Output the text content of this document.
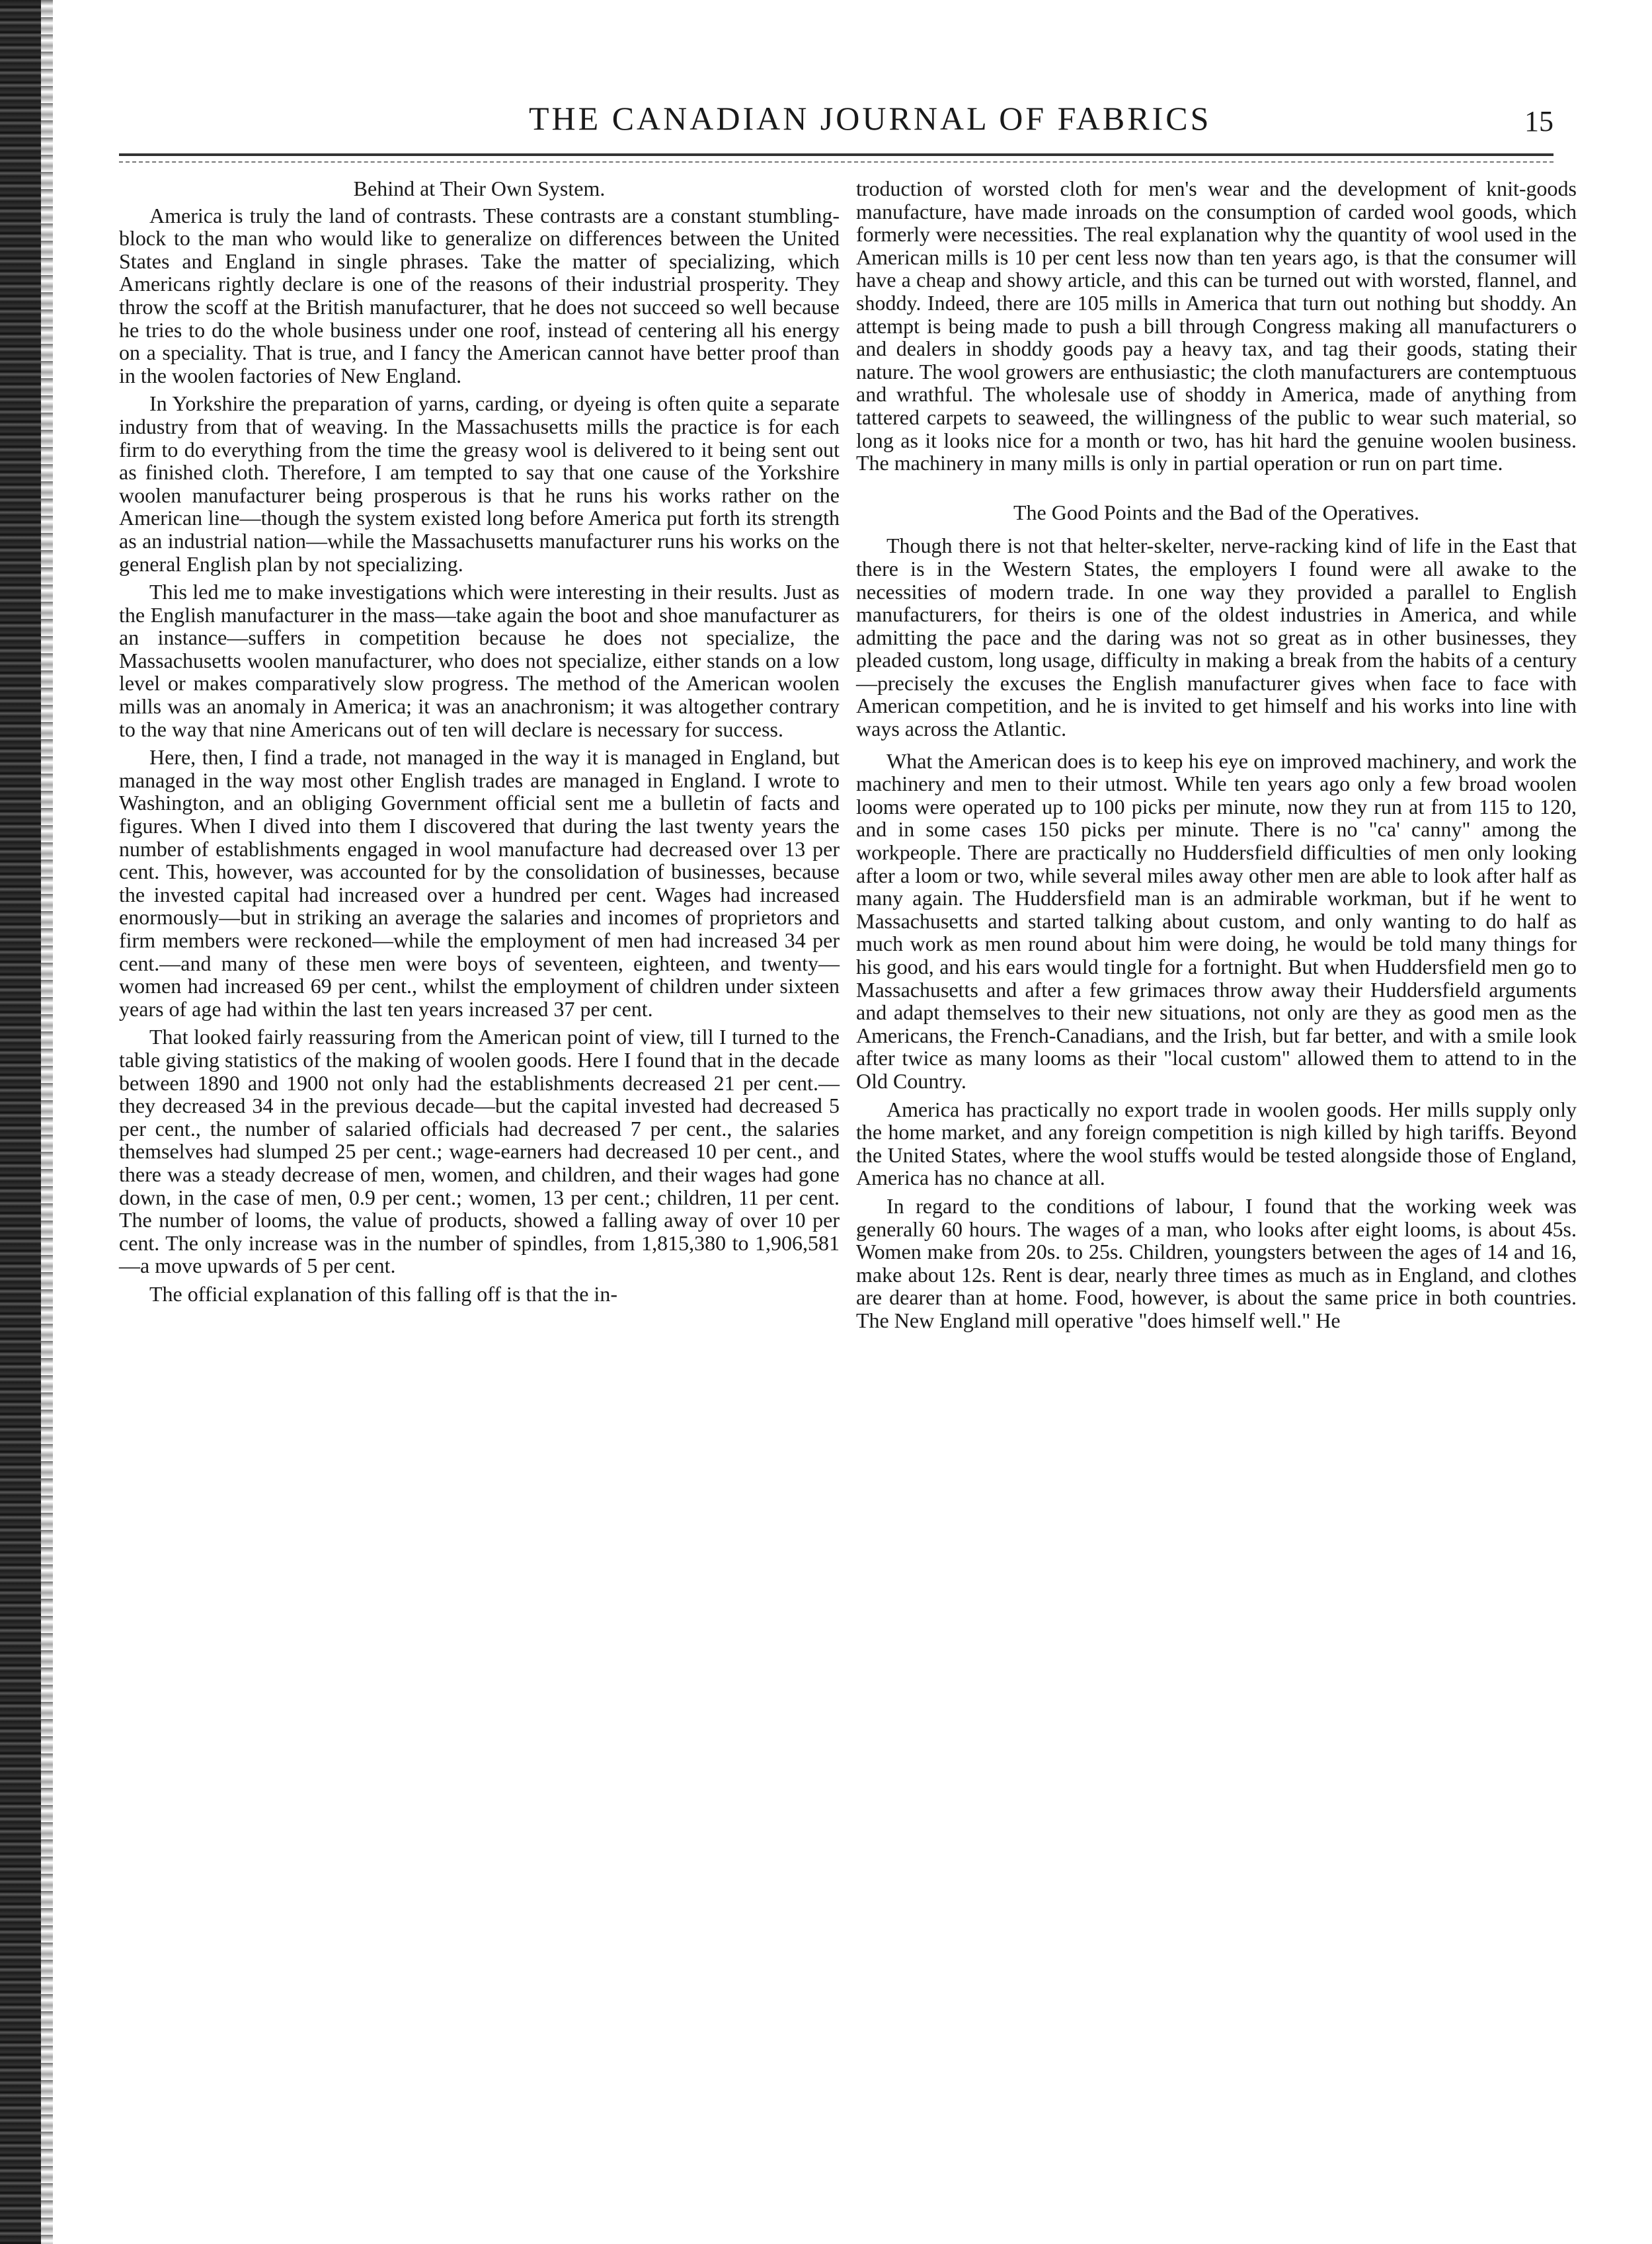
THE CANADIAN JOURNAL OF FABRICS	15
Behind at Their Own System.

America is truly the land of contrasts. These contrasts are a constant stumbling-block to the man who would like to generalize on differences between the United States and England in single phrases. Take the matter of specializing, which Americans rightly declare is one of the reasons of their industrial prosperity. They throw the scoff at the British manufacturer, that he does not succeed so well because he tries to do the whole business under one roof, instead of centering all his energy on a speciality. That is true, and I fancy the American cannot have better proof than in the woolen factories of New England.

In Yorkshire the preparation of yarns, carding, or dyeing is often quite a separate industry from that of weaving. In the Massachusetts mills the practice is for each firm to do everything from the time the greasy wool is delivered to it being sent out as finished cloth. Therefore, I am tempted to say that one cause of the Yorkshire woolen manufacturer being prosperous is that he runs his works rather on the American line—though the system existed long before America put forth its strength as an industrial nation—while the Massachusetts manufacturer runs his works on the general English plan by not specializing.

This led me to make investigations which were interesting in their results. Just as the English manufacturer in the mass—take again the boot and shoe manufacturer as an instance—suffers in competition because he does not specialize, the Massachusetts woolen manufacturer, who does not specialize, either stands on a low level or makes comparatively slow progress. The method of the American woolen mills was an anomaly in America; it was an anachronism; it was altogether contrary to the way that nine Americans out of ten will declare is necessary for success.

Here, then, I find a trade, not managed in the way it is managed in England, but managed in the way most other English trades are managed in England. I wrote to Washington, and an obliging Government official sent me a bulletin of facts and figures. When I dived into them I discovered that during the last twenty years the number of establishments engaged in wool manufacture had decreased over 13 per cent. This, however, was accounted for by the consolidation of businesses, because the invested capital had increased over a hundred per cent. Wages had increased enormously—but in striking an average the salaries and incomes of proprietors and firm members were reckoned—while the employment of men had increased 34 per cent.—and many of these men were boys of seventeen, eighteen, and twenty—women had increased 69 per cent., whilst the employment of children under sixteen years of age had within the last ten years increased 37 per cent.

That looked fairly reassuring from the American point of view, till I turned to the table giving statistics of the making of woolen goods. Here I found that in the decade between 1890 and 1900 not only had the establishments decreased 21 per cent.—they decreased 34 in the previous decade—but the capital invested had decreased 5 per cent., the number of salaried officials had decreased 7 per cent., the salaries themselves had slumped 25 per cent.; wage-earners had decreased 10 per cent., and there was a steady decrease of men, women, and children, and their wages had gone down, in the case of men, 0.9 per cent.; women, 13 per cent.; children, 11 per cent. The number of looms, the value of products, showed a falling away of over 10 per cent. The only increase was in the number of spindles, from 1,815,380 to 1,906,581—a move upwards of 5 per cent.

The official explanation of this falling off is that the in-

troduction of worsted cloth for men's wear and the development of knit-goods manufacture, have made inroads on the consumption of carded wool goods, which formerly were necessities. The real explanation why the quantity of wool used in the American mills is 10 per cent less now than ten years ago, is that the consumer will have a cheap and showy article, and this can be turned out with worsted, flannel, and shoddy. Indeed, there are 105 mills in America that turn out nothing but shoddy. An attempt is being made to push a bill through Congress making all manufacturers o and dealers in shoddy goods pay a heavy tax, and tag their goods, stating their nature. The wool growers are enthusiastic; the cloth manufacturers are contemptuous and wrathful. The wholesale use of shoddy in America, made of anything from tattered carpets to seaweed, the willingness of the public to wear such material, so long as it looks nice for a month or two, has hit hard the genuine woolen business. The machinery in many mills is only in partial operation or run on part time.

The Good Points and the Bad of the Operatives.

Though there is not that helter-skelter, nerve-racking kind of life in the East that there is in the Western States, the employers I found were all awake to the necessities of modern trade. In one way they provided a parallel to English manufacturers, for theirs is one of the oldest industries in America, and while admitting the pace and the daring was not so great as in other businesses, they pleaded custom, long usage, difficulty in making a break from the habits of a century—precisely the excuses the English manufacturer gives when face to face with American competition, and he is invited to get himself and his works into line with ways across the Atlantic.

What the American does is to keep his eye on improved machinery, and work the machinery and men to their utmost. While ten years ago only a few broad woolen looms were operated up to 100 picks per minute, now they run at from 115 to 120, and in some cases 150 picks per minute. There is no "ca' canny" among the workpeople. There are practically no Huddersfield difficulties of men only looking after a loom or two, while several miles away other men are able to look after half as many again. The Huddersfield man is an admirable workman, but if he went to Massachusetts and started talking about custom, and only wanting to do half as much work as men round about him were doing, he would be told many things for his good, and his ears would tingle for a fortnight. But when Huddersfield men go to Massachusetts and after a few grimaces throw away their Huddersfield arguments and adapt themselves to their new situations, not only are they as good men as the Americans, the French-Canadians, and the Irish, but far better, and with a smile look after twice as many looms as their "local custom" allowed them to attend to in the Old Country.

America has practically no export trade in woolen goods. Her mills supply only the home market, and any foreign competition is nigh killed by high tariffs. Beyond the United States, where the wool stuffs would be tested alongside those of England, America has no chance at all.

In regard to the conditions of labour, I found that the working week was generally 60 hours. The wages of a man, who looks after eight looms, is about 45s. Women make from 20s. to 25s. Children, youngsters between the ages of 14 and 16, make about 12s. Rent is dear, nearly three times as much as in England, and clothes are dearer than at home. Food, however, is about the same price in both countries. The New England mill operative "does himself well." He
